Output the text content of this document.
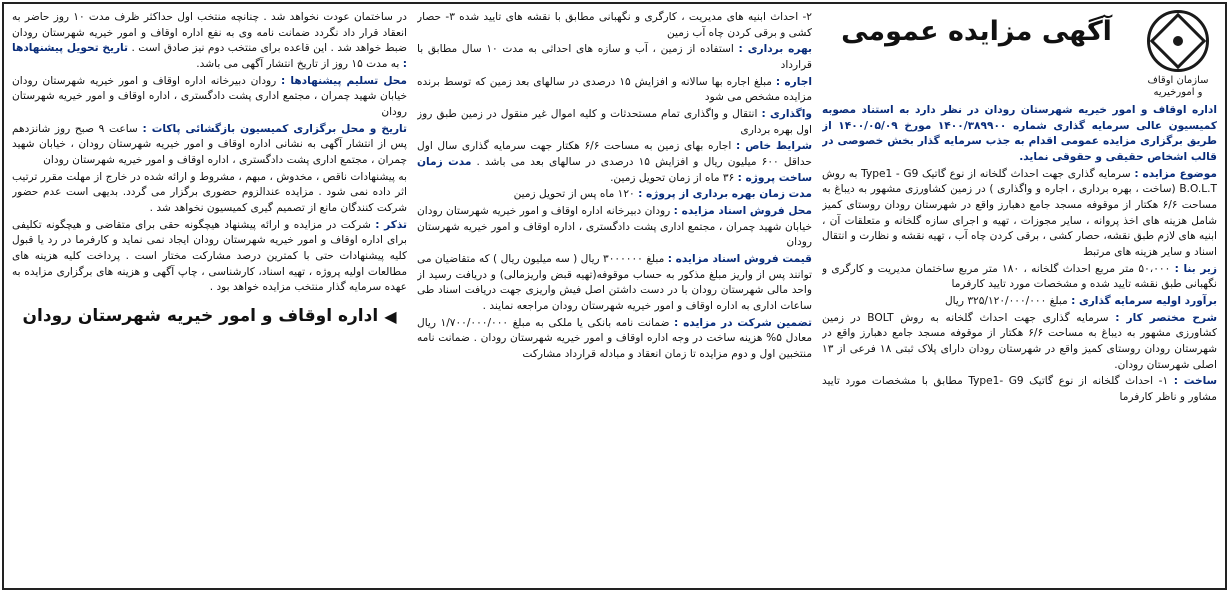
سازمان اوقاف
و امورخیریه
آگهی مزایده عمومی

اداره اوقاف و امور خیریه شهرستان رودان در نظر دارد به استناد مصوبه کمیسیون عالی سرمایه گذاری شماره ۱۴۰۰/۳۸۹۹۰۰ مورخ ۱۴۰۰/۰۵/۰۹ از طریق برگزاری مزایده عمومی اقدام به جذب سرمایه گذار بخش خصوصی در قالب اشخاص حقیقی و حقوقی نماید.

موضوع مزایده : سرمایه گذاری جهت احداث گلخانه از نوع گاتیک Type1 - G9 به روش B.O.L.T (ساخت ، بهره برداری ، اجاره و واگذاری ) در زمین کشاورزی مشهور به دیباغ به مساحت ۶/۶ هکتار از موقوفه مسجد جامع دهبارز واقع در شهرستان رودان روستای کمیز شامل هزینه های اخذ پروانه ، سایر مجوزات ، تهیه و اجرای سازه گلخانه و متعلقات آن ، ابنیه های لازم طبق نقشه، حصار کشی ، برقی کردن چاه آب ، تهیه نقشه و نظارت و انتقال اسناد و سایر هزینه های مرتبط

زیر بنا : ۵۰،۰۰۰ متر مربع احداث گلخانه ، ۱۸۰ متر مربع ساختمان مدیریت و کارگری و نگهبانی طبق نقشه تایید شده و مشخصات مورد تایید کارفرما

برآورد اولیه سرمایه گذاری : مبلغ ۳۲۵/۱۲۰/۰۰۰/۰۰۰ ریال

شرح مختصر کار : سرمایه گذاری جهت احداث گلخانه به روش BOLT در زمین کشاورزی مشهور به دیباغ به مساحت ۶/۶ هکتار از موقوفه مسجد جامع دهبارز واقع در شهرستان رودان روستای کمیز واقع در شهرستان رودان دارای پلاک ثبتی ۱۸ فرعی از ۱۳ اصلی شهرستان رودان.

ساخت : ۱- احداث گلخانه از نوع گاتیک Type1- G9 مطابق با مشخصات مورد تایید مشاور و ناظر کارفرما

۲- احداث ابنیه های مدیریت ، کارگری و نگهبانی مطابق با نقشه های تایید شده ۳- حصار کشی و برقی کردن چاه آب زمین

بهره برداری : استفاده از زمین ، آب و سازه های احداثی به مدت ۱۰ سال مطابق با قرارداد

اجاره : مبلغ اجاره بها سالانه و افزایش ۱۵ درصدی در سالهای بعد زمین که توسط برنده مزایده مشخص می شود

واگذاری : انتقال و واگذاری تمام مستحدثات و کلیه اموال غیر منقول در زمین طبق روز اول بهره برداری

شرایط خاص : اجاره بهای زمین به مساحت ۶/۶ هکتار جهت سرمایه گذاری سال اول حداقل ۶۰۰ میلیون ریال و افزایش ۱۵ درصدی در سالهای بعد می باشد . مدت زمان ساخت پروژه : ۳۶ ماه از زمان تحویل زمین.

مدت زمان بهره برداری از پروژه : ۱۲۰ ماه پس از تحویل زمین

محل فروش اسناد مزایده : رودان دبیرخانه اداره اوقاف و امور خیریه شهرستان رودان خیابان شهید چمران ، مجتمع اداری پشت دادگستری ، اداره اوقاف و امور خیریه شهرستان رودان

قیمت فروش اسناد مزایده : مبلغ ۳۰۰۰۰۰۰ ریال ( سه میلیون ریال ) که متقاضیان می توانند پس از واریز مبلغ مذکور به حساب موقوفه(تهیه قبض واریزمالی) و دریافت رسید از واحد مالی شهرستان رودان با در دست داشتن اصل فیش واریزی جهت دریافت اسناد طی ساعات اداری به اداره اوقاف و امور خیریه شهرستان رودان مراجعه نمایند .

تضمین شرکت در مزایده : ضمانت نامه بانکی یا ملکی به مبلغ ۱/۷۰۰/۰۰۰/۰۰۰ ریال معادل ۵% هزینه ساخت در وجه اداره اوقاف و امور خیریه شهرستان رودان . ضمانت نامه منتخبین اول و دوم مزایده تا زمان انعقاد و مبادله قرارداد مشارکت

در ساختمان عودت نخواهد شد . چنانچه منتخب اول حداکثر ظرف مدت ۱۰ روز حاضر به انعقاد قرار داد نگردد ضمانت نامه وی به نفع اداره اوقاف و امور خیریه شهرستان رودان ضبط خواهد شد . این قاعده برای منتخب دوم نیز صادق است . تاریخ تحویل پیشنهادها : به مدت ۱۵ روز از تاریخ انتشار آگهی می باشد.

محل تسلیم پیشنهادها : رودان دبیرخانه اداره اوقاف و امور خیریه شهرستان رودان خیابان شهید چمران ، مجتمع اداری پشت دادگستری ، اداره اوقاف و امور خیریه شهرستان رودان

تاریخ و محل برگزاری کمیسیون بازگشائی پاکات : ساعت ۹ صبح روز شانزدهم پس از انتشار آگهی به نشانی اداره اوقاف و امور خیریه شهرستان رودان ، خیابان شهید چمران ، مجتمع اداری پشت دادگستری ، اداره اوقاف و امور خیریه شهرستان رودان

به پیشنهادات ناقص ، مخدوش ، مبهم ، مشروط و ارائه شده در خارج از مهلت مقرر ترتیب اثر داده نمی شود . مزایده عندالزوم حضوری برگزار می گردد. بدیهی است عدم حضور شرکت کنندگان مانع از تصمیم گیری کمیسیون نخواهد شد .

تذکر : شرکت در مزایده و ارائه پیشنهاد هیچگونه حقی برای متقاضی و هیچگونه تکلیفی برای اداره اوقاف و امور خیریه شهرستان رودان ایجاد نمی نماید و کارفرما در رد یا قبول کلیه پیشنهادات حتی با کمترین درصد مشارکت مختار است . پرداخت کلیه هزینه های مطالعات اولیه پروژه ، تهیه اسناد، کارشناسی ، چاپ آگهی و هزینه های برگزاری مزایده به عهده سرمایه گذار منتخب مزایده خواهد بود .

◀
اداره اوقاف و امور خیریه شهرستان رودان
